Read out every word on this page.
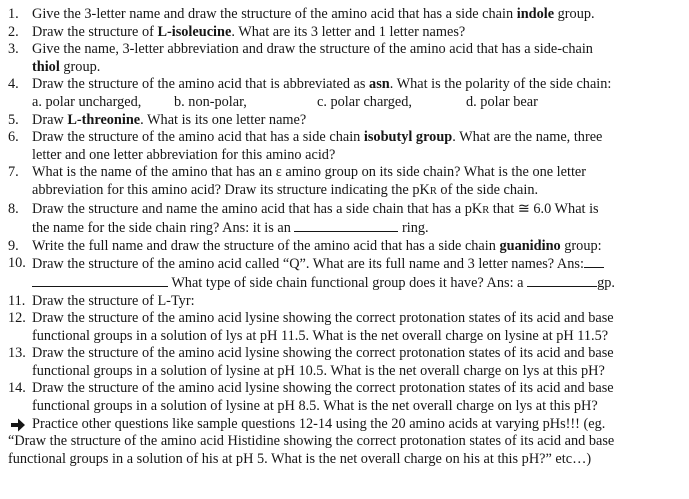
1. Give the 3-letter name and draw the structure of the amino acid that has a side chain indole group.
2. Draw the structure of L-isoleucine. What are its 3 letter and 1 letter names?
3. Give the name, 3-letter abbreviation and draw the structure of the amino acid that has a side-chain
thiol group.
4. Draw the structure of the amino acid that is abbreviated as asn. What is the polarity of the side chain:
a. polar uncharged,	b. non-polar,	c. polar charged,	d. polar bear
5. Draw L-threonine. What is its one letter name?
6. Draw the structure of the amino acid that has a side chain isobutyl group. What are the name, three
letter and one letter abbreviation for this amino acid?
7. What is the name of the amino that has an ε amino group on its side chain? What is the one letter
abbreviation for this amino acid? Draw its structure indicating the pKR of the side chain.
8. Draw the structure and name the amino acid that has a side chain that has a pKR that ≅ 6.0 What is
the name for the side chain ring? Ans: it is an	ring.
9. Write the full name and draw the structure of the amino acid that has a side chain guanidino group:
10. Draw the structure of the amino acid called “Q”. What are its full name and 3 letter names? Ans:
What type of side chain functional group does it have? Ans: a	gp.
11. Draw the structure of L-Tyr:
12. Draw the structure of the amino acid lysine showing the correct protonation states of its acid and base
functional groups in a solution of lys at pH 11.5. What is the net overall charge on lysine at pH 11.5?
13. Draw the structure of the amino acid lysine showing the correct protonation states of its acid and base
functional groups in a solution of lysine at pH 10.5. What is the net overall charge on lys at this pH?
14. Draw the structure of the amino acid lysine showing the correct protonation states of its acid and base
functional groups in a solution of lysine at pH 8.5. What is the net overall charge on lys at this pH?
Practice other questions like sample questions 12-14 using the 20 amino acids at varying pHs!!! (eg.
“Draw the structure of the amino acid Histidine showing the correct protonation states of its acid and base
functional groups in a solution of his at pH 5. What is the net overall charge on his at this pH?” etc…)
